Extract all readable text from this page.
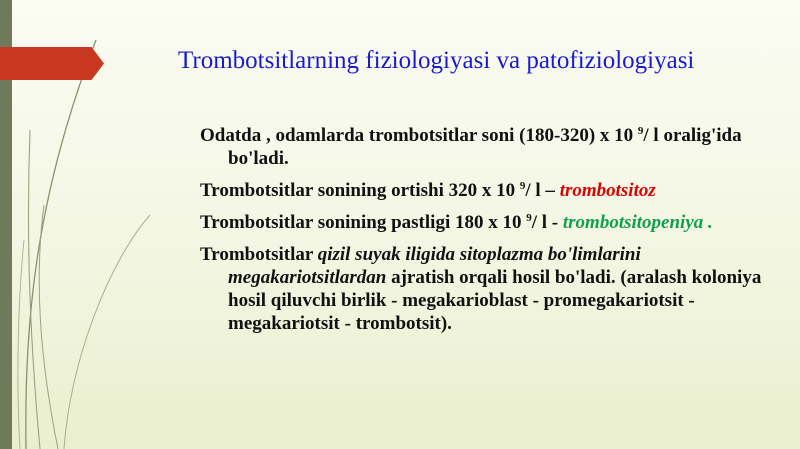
Trombotsitlarning fiziologiyasi va patofiziologiyasi

Odatda , odamlarda trombotsitlar soni (180-320) x 10 $^9$/ l oralig'ida bo'ladi.

Trombotsitlar sonining ortishi 320 x 10 $^9$/ l – trombotsitoz

Trombotsitlar sonining pastligi 180 x 10 $^9$/ l - trombotsitopeniya .

Trombotsitlar qizil suyak iligida sitoplazma bo'limlarini megakariotsitlardan ajratish orqali hosil bo'ladi. (aralash koloniya hosil qiluvchi birlik - megakarioblast - promegakariotsit - megakariotsit - trombotsit).
